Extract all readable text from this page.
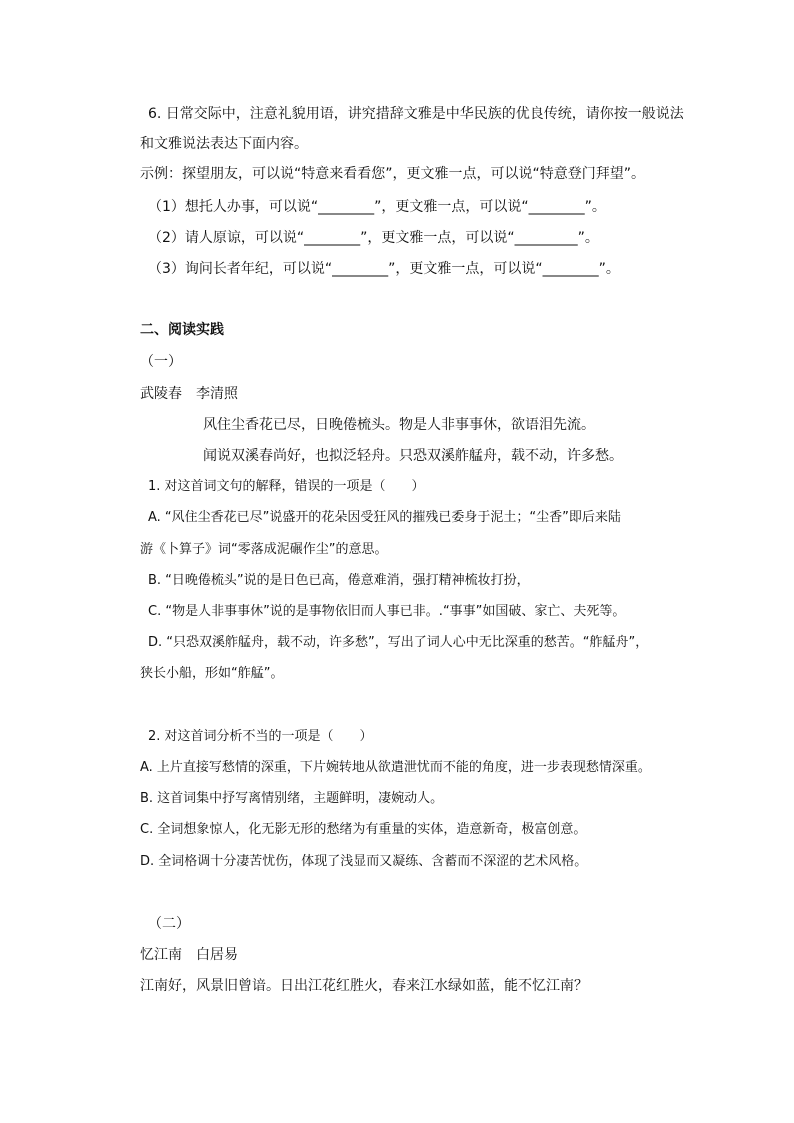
6. 日常交际中，注意礼貌用语，讲究措辞文雅是中华民族的优良传统，请你按一般说法
和文雅说法表达下面内容。
示例：探望朋友，可以说“特意来看看您”，更文雅一点，可以说“特意登门拜望”。
（1）想托人办事，可以说“________”，更文雅一点，可以说“________”。
（2）请人原谅，可以说“________”，更文雅一点，可以说“_________”。
（3）询问长者年纪，可以说“________”，更文雅一点，可以说“________”。
二、阅读实践
（一）
武陵春　李清照
风住尘香花已尽，日晚倦梳头。物是人非事事休，欲语泪先流。
闻说双溪春尚好，也拟泛轻舟。只恐双溪舴艋舟，载不动，许多愁。
1. 对这首词文句的解释，错误的一项是（　　）
A. “风住尘香花已尽”说盛开的花朵因受狂风的摧残已委身于泥土；“尘香”即后来陆
游《卜算子》词“零落成泥碾作尘”的意思。
B. “日晚倦梳头”说的是日色已高，倦意难消，强打精神梳妆打扮，
C. “物是人非事事休”说的是事物依旧而人事已非。.“事事”如国破、家亡、夫死等。
D. “只恐双溪舴艋舟，载不动，许多愁”，写出了词人心中无比深重的愁苦。“舴艋舟”，
狭长小船，形如“舴艋”。
2. 对这首词分析不当的一项是（　　）
A. 上片直接写愁情的深重，下片婉转地从欲遣泄忧而不能的角度，进一步表现愁情深重。
B. 这首词集中抒写离情别绪，主题鲜明，凄婉动人。
C. 全词想象惊人，化无影无形的愁绪为有重量的实体，造意新奇，极富创意。
D. 全词格调十分凄苦忧伤，体现了浅显而又凝练、含蓄而不深涩的艺术风格。
（二）
忆江南　白居易
江南好，风景旧曾谙。日出江花红胜火，春来江水绿如蓝，能不忆江南？
